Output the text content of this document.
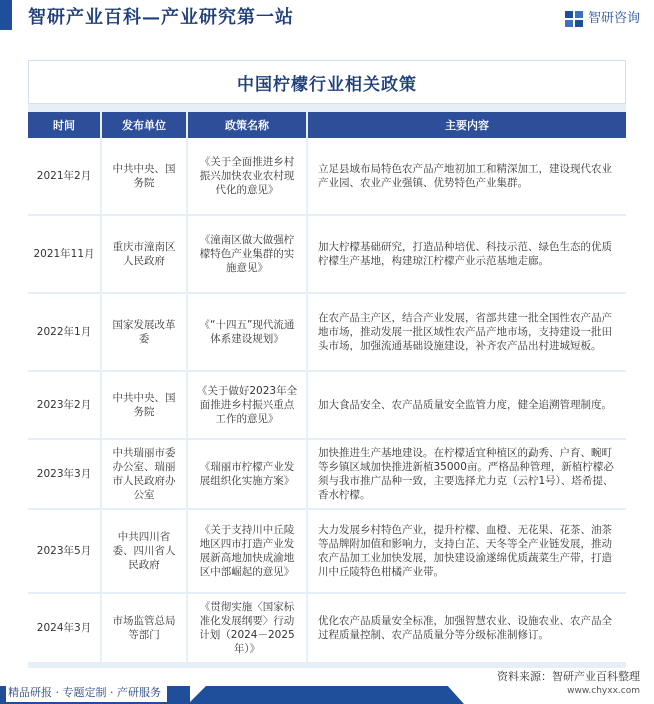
智研产业百科—产业研究第一站	智研咨询
中国柠檬行业相关政策
时间	发布单位	政策名称	主要内容
2021年2月	中共中央、国务院	《关于全面推进乡村振兴加快农业农村现代化的意见》	立足县域布局特色农产品产地初加工和精深加工，建设现代农业产业园、农业产业强镇、优势特色产业集群。
2021年11月	重庆市潼南区人民政府	《潼南区做大做强柠檬特色产业集群的实施意见》	加大柠檬基础研究，打造品种培优、科技示范、绿色生态的优质柠檬生产基地，构建琼江柠檬产业示范基地走廊。
2022年1月	国家发展改革委	《“十四五”现代流通体系建设规划》	在农产品主产区，结合产业发展，省部共建一批全国性农产品产地市场，推动发展一批区域性农产品产地市场，支持建设一批田头市场，加强流通基础设施建设，补齐农产品出村进城短板。
2023年2月	中共中央、国务院	《关于做好2023年全面推进乡村振兴重点工作的意见》	加大食品安全、农产品质量安全监管力度，健全追溯管理制度。
2023年3月	中共瑞丽市委办公室、瑞丽市人民政府办公室	《瑞丽市柠檬产业发展组织化实施方案》	加快推进生产基地建设。在柠檬适宜种植区的勐秀、户育、畹町等乡镇区域加快推进新植35000亩。严格品种管理，新植柠檬必须与我市推广品种一致，主要选择尤力克（云柠1号）、塔希提、香水柠檬。
2023年5月	中共四川省委、四川省人民政府	《关于支持川中丘陵地区四市打造产业发展新高地加快成渝地区中部崛起的意见》	大力发展乡村特色产业，提升柠檬、血橙、无花果、花茶、油茶等品牌附加值和影响力，支持白芷、天冬等全产业链发展，推动农产品加工业加快发展，加快建设渝遂绵优质蔬菜生产带，打造川中丘陵特色柑橘产业带。
2024年3月	市场监管总局等部门	《贯彻实施〈国家标准化发展纲要〉行动计划（2024－2025年）》	优化农产品质量安全标准，加强智慧农业、设施农业、农产品全过程质量控制、农产品质量分等分级标准制修订。
精品研报 · 专题定制 · 产研服务
资料来源：智研产业百科整理
www.chyxx.com
